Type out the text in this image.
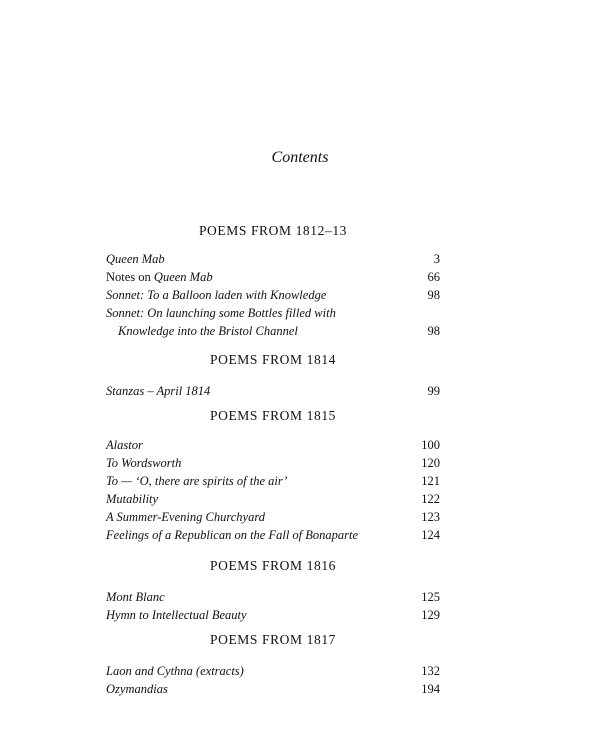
Contents
POEMS FROM 1812–13
Queen Mab	3
Notes on Queen Mab	66
Sonnet: To a Balloon laden with Knowledge	98
Sonnet: On launching some Bottles filled with
Knowledge into the Bristol Channel	98
POEMS FROM 1814
Stanzas – April 1814	99
POEMS FROM 1815
Alastor	100
To Wordsworth	120
To — ‘O, there are spirits of the air’	121
Mutability	122
A Summer-Evening Churchyard	123
Feelings of a Republican on the Fall of Bonaparte	124
POEMS FROM 1816
Mont Blanc	125
Hymn to Intellectual Beauty	129
POEMS FROM 1817
Laon and Cythna (extracts)	132
Ozymandias	194
